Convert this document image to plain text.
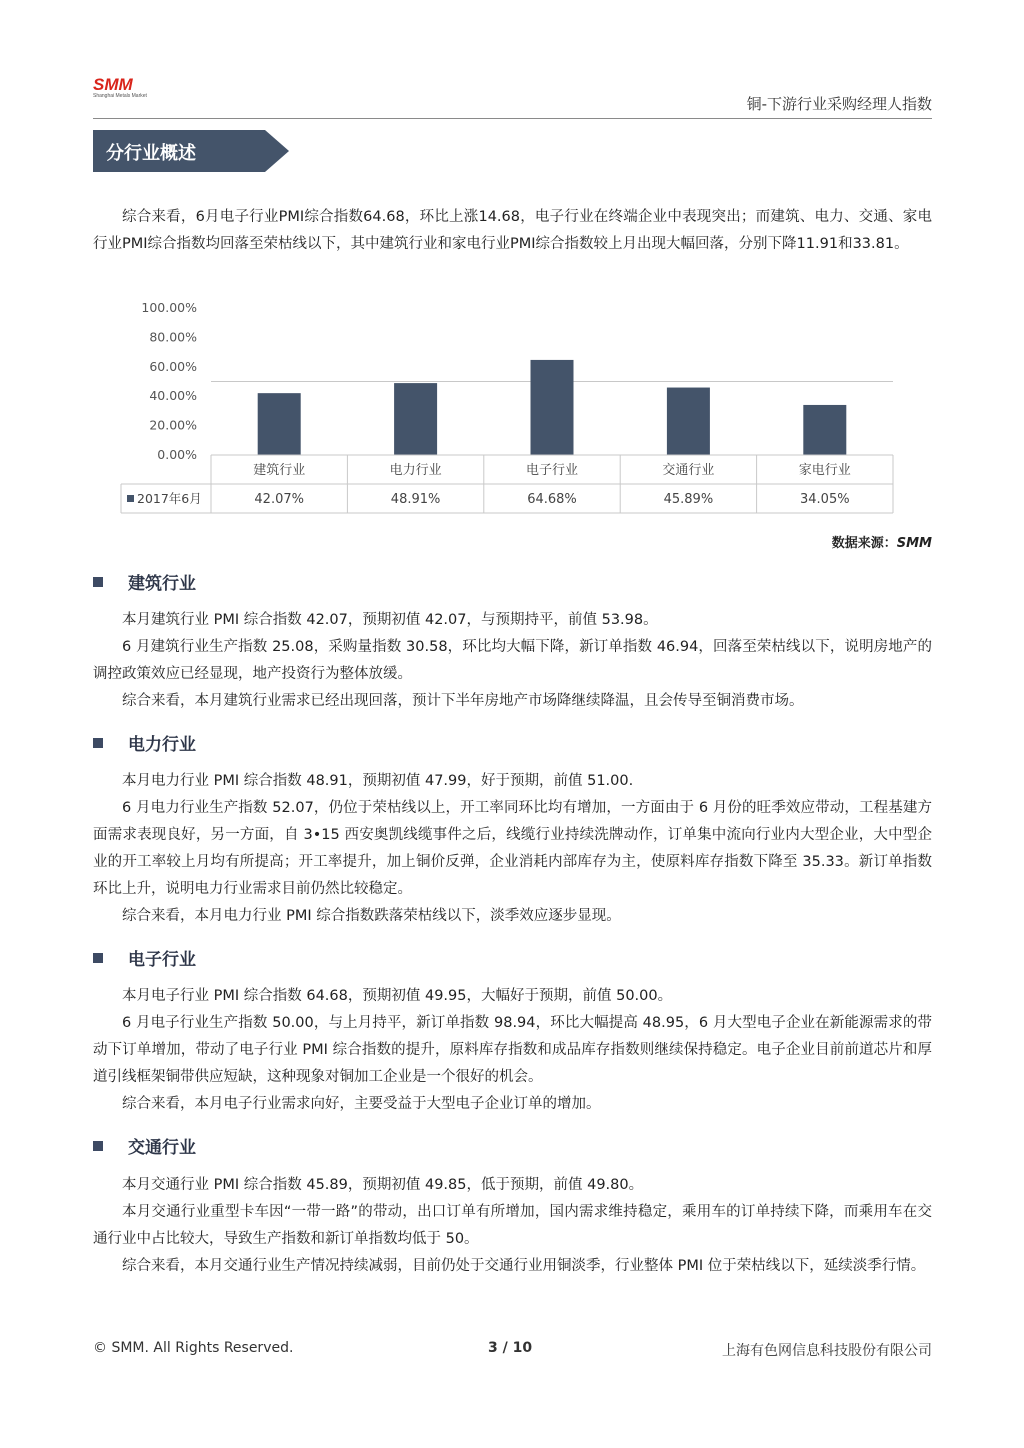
SMM
Shanghai Metals Market	铜-下游行业采购经理人指数
分行业概述

综合来看，6月电子行业PMI综合指数64.68，环比上涨14.68，电子行业在终端企业中表现突出；而建筑、电力、交通、家电行业PMI综合指数均回落至荣枯线以下，其中建筑行业和家电行业PMI综合指数较上月出现大幅回落，分别下降11.91和33.81。

100.00%
80.00%
60.00%
40.00%
20.00%
0.00%
建筑行业	电力行业	电子行业	交通行业	家电行业
2017年6月	42.07%	48.91%	64.68%	45.89%	34.05%
数据来源：SMM
建筑行业

本月建筑行业 PMI 综合指数 42.07，预期初值 42.07，与预期持平，前值 53.98。

6 月建筑行业生产指数 25.08，采购量指数 30.58，环比均大幅下降，新订单指数 46.94，回落至荣枯线以下，说明房地产的调控政策效应已经显现，地产投资行为整体放缓。

综合来看，本月建筑行业需求已经出现回落，预计下半年房地产市场降继续降温，且会传导至铜消费市场。

电力行业

本月电力行业 PMI 综合指数 48.91，预期初值 47.99，好于预期，前值 51.00.

6 月电力行业生产指数 52.07，仍位于荣枯线以上，开工率同环比均有增加，一方面由于 6 月份的旺季效应带动，工程基建方面需求表现良好，另一方面，自 3•15 西安奥凯线缆事件之后，线缆行业持续洗牌动作，订单集中流向行业内大型企业，大中型企业的开工率较上月均有所提高；开工率提升，加上铜价反弹，企业消耗内部库存为主，使原料库存指数下降至 35.33。新订单指数环比上升，说明电力行业需求目前仍然比较稳定。

综合来看，本月电力行业 PMI 综合指数跌落荣枯线以下，淡季效应逐步显现。

电子行业

本月电子行业 PMI 综合指数 64.68，预期初值 49.95，大幅好于预期，前值 50.00。

6 月电子行业生产指数 50.00，与上月持平，新订单指数 98.94，环比大幅提高 48.95，6 月大型电子企业在新能源需求的带动下订单增加，带动了电子行业 PMI 综合指数的提升，原料库存指数和成品库存指数则继续保持稳定。电子企业目前前道芯片和厚道引线框架铜带供应短缺，这种现象对铜加工企业是一个很好的机会。

综合来看，本月电子行业需求向好，主要受益于大型电子企业订单的增加。

交通行业

本月交通行业 PMI 综合指数 45.89，预期初值 49.85，低于预期，前值 49.80。

本月交通行业重型卡车因“一带一路”的带动，出口订单有所增加，国内需求维持稳定，乘用车的订单持续下降，而乘用车在交通行业中占比较大，导致生产指数和新订单指数均低于 50。

综合来看，本月交通行业生产情况持续减弱，目前仍处于交通行业用铜淡季，行业整体 PMI 位于荣枯线以下，延续淡季行情。

© SMM. All Rights Reserved.	3 / 10	上海有色网信息科技股份有限公司
